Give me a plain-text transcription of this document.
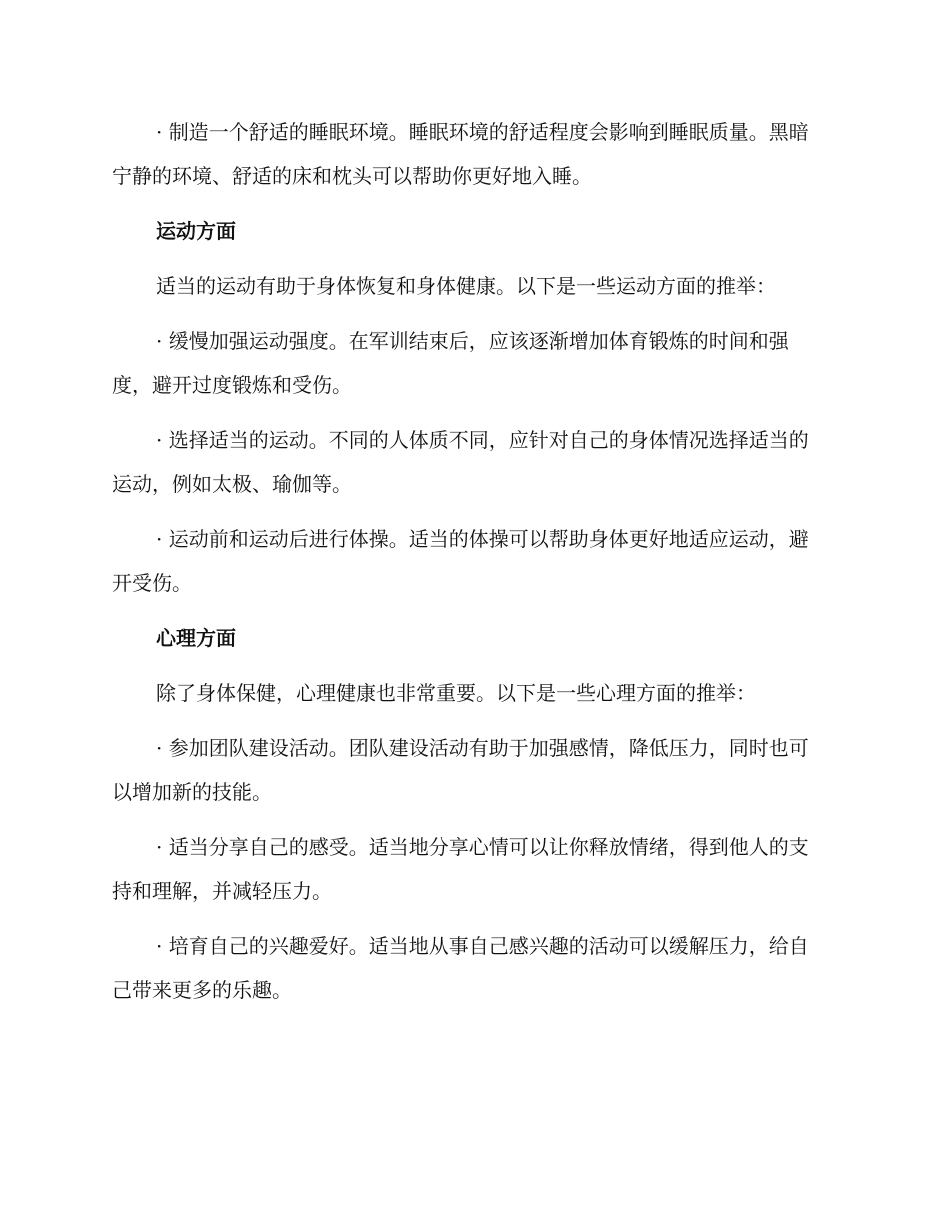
· 制造一个舒适的睡眠环境。睡眠环境的舒适程度会影响到睡眠质量。黑暗宁静的环境、舒适的床和枕头可以帮助你更好地入睡。

运动方面

适当的运动有助于身体恢复和身体健康。以下是一些运动方面的推举：

· 缓慢加强运动强度。在军训结束后，应该逐渐增加体育锻炼的时间和强度，避开过度锻炼和受伤。

· 选择适当的运动。不同的人体质不同，应针对自己的身体情况选择适当的运动，例如太极、瑜伽等。

· 运动前和运动后进行体操。适当的体操可以帮助身体更好地适应运动，避开受伤。

心理方面

除了身体保健，心理健康也非常重要。以下是一些心理方面的推举：

· 参加团队建设活动。团队建设活动有助于加强感情，降低压力，同时也可以增加新的技能。

· 适当分享自己的感受。适当地分享心情可以让你释放情绪，得到他人的支持和理解，并减轻压力。

· 培育自己的兴趣爱好。适当地从事自己感兴趣的活动可以缓解压力，给自己带来更多的乐趣。
